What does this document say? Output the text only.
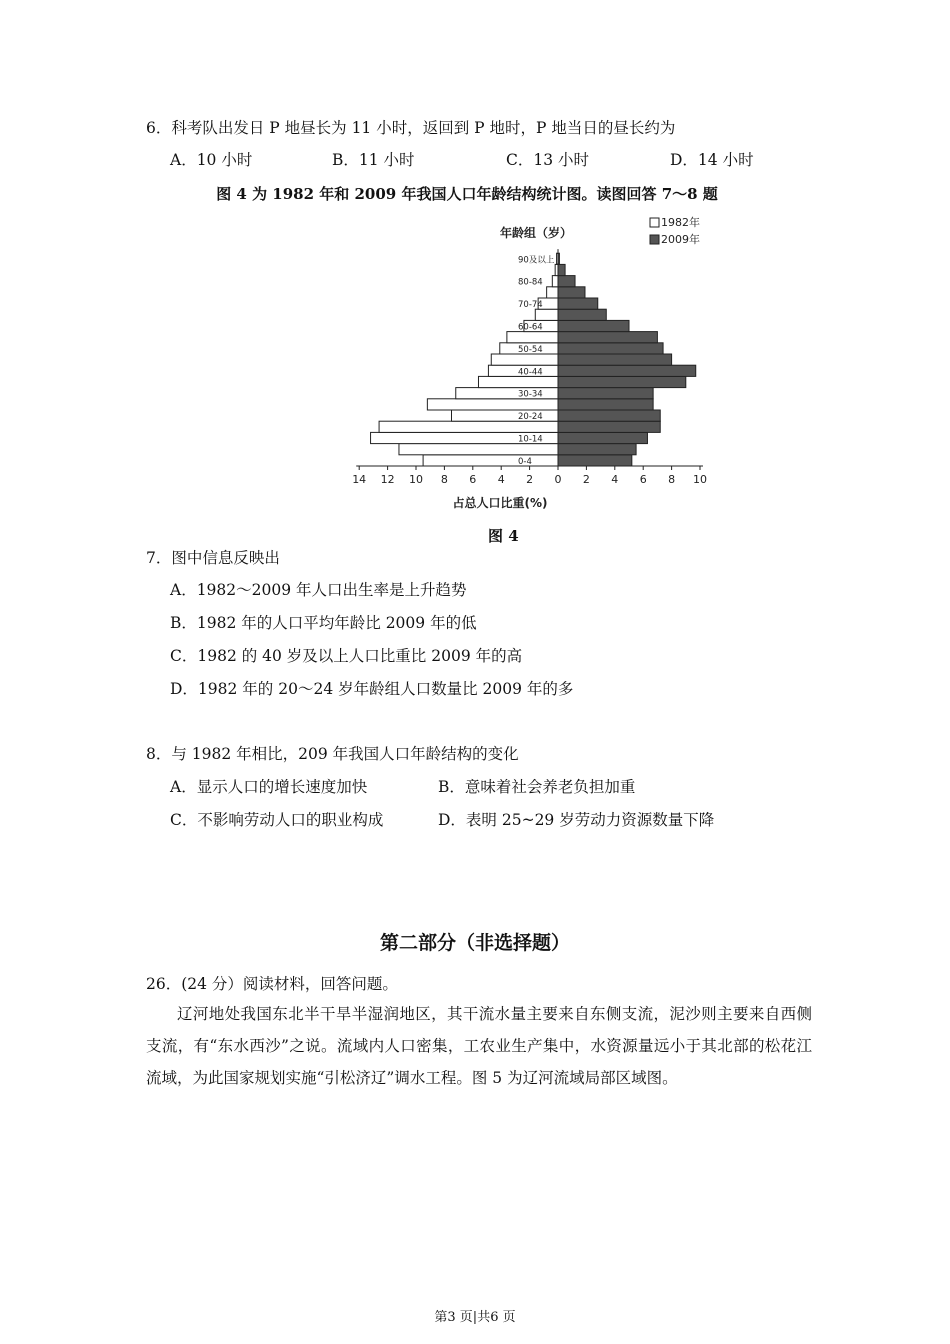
6．科考队出发日 P 地昼长为 11 小时，返回到 P 地时，P 地当日的昼长约为
A．10 小时	B．11 小时	C．13 小时	D．14 小时
图 4 为 1982 年和 2009 年我国人口年龄结构统计图。读图回答 7～8 题
0-4
10-14
20-24
30-34
40-44
50-54
60-64
70-74
80-84
90及以上
14 12 10 8 6 4 2 0 2 4 6 8 10
占总人口比重(%)
年龄组（岁）
1982年
2009年
图 4
7．图中信息反映出
A．1982～2009 年人口出生率是上升趋势
B．1982 年的人口平均年龄比 2009 年的低
C．1982 的 40 岁及以上人口比重比 2009 年的高
D．1982 年的 20～24 岁年龄组人口数量比 2009 年的多
8．与 1982 年相比，209 年我国人口年龄结构的变化
A．显示人口的增长速度加快	B．意味着社会养老负担加重
C．不影响劳动人口的职业构成	D．表明 25~29 岁劳动力资源数量下降
第二部分（非选择题）
26．(24 分）阅读材料，回答问题。
辽河地处我国东北半干旱半湿润地区，其干流水量主要来自东侧支流，泥沙则主要来自西侧支流，有“东水西沙”之说。流域内人口密集，工农业生产集中，水资源量远小于其北部的松花江流域，为此国家规划实施“引松济辽”调水工程。图 5 为辽河流域局部区域图。
第3 页|共6 页
